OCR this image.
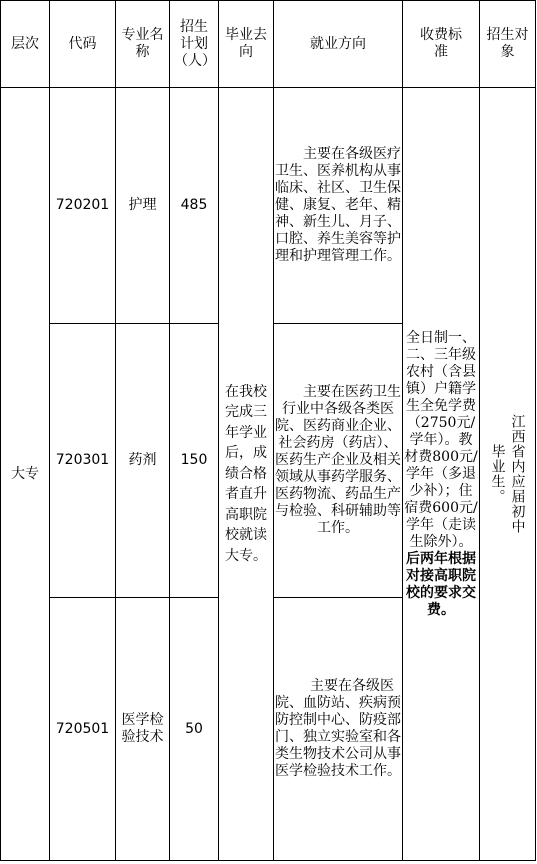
层次	代码	专业名称	招生计划（人）	毕业去向	就业方向	收费标准	招生对象
大专	720201	护理	485	在我校完成三年学业后，成绩合格者直升高职院校就读大专。	主要在各级医疗卫生、医养机构从事临床、社区、卫生保健、康复、老年、精神、新生儿、月子、口腔、养生美容等护理和护理管理工作。	全日制一、二、三年级农村（含县镇）户籍学生全免学费（2750元/学年）。教材费800元/学年（多退少补）；住宿费600元/学年（走读生除外）。后两年根据对接高职院校的要求交费。	江西省内应届初中毕业生。

	720301	药剂	150		主要在医药卫生行业中各级各类医院、医药商业企业、社会药房（药店）、医药生产企业及相关领域从事药学服务、医药物流、药品生产与检验、科研辅助等工作。		
	720501	医学检验技术	50		主要在各级医院、血防站、疾病预防控制中心、防疫部门、独立实验室和各类生物技术公司从事医学检验技术工作。		
